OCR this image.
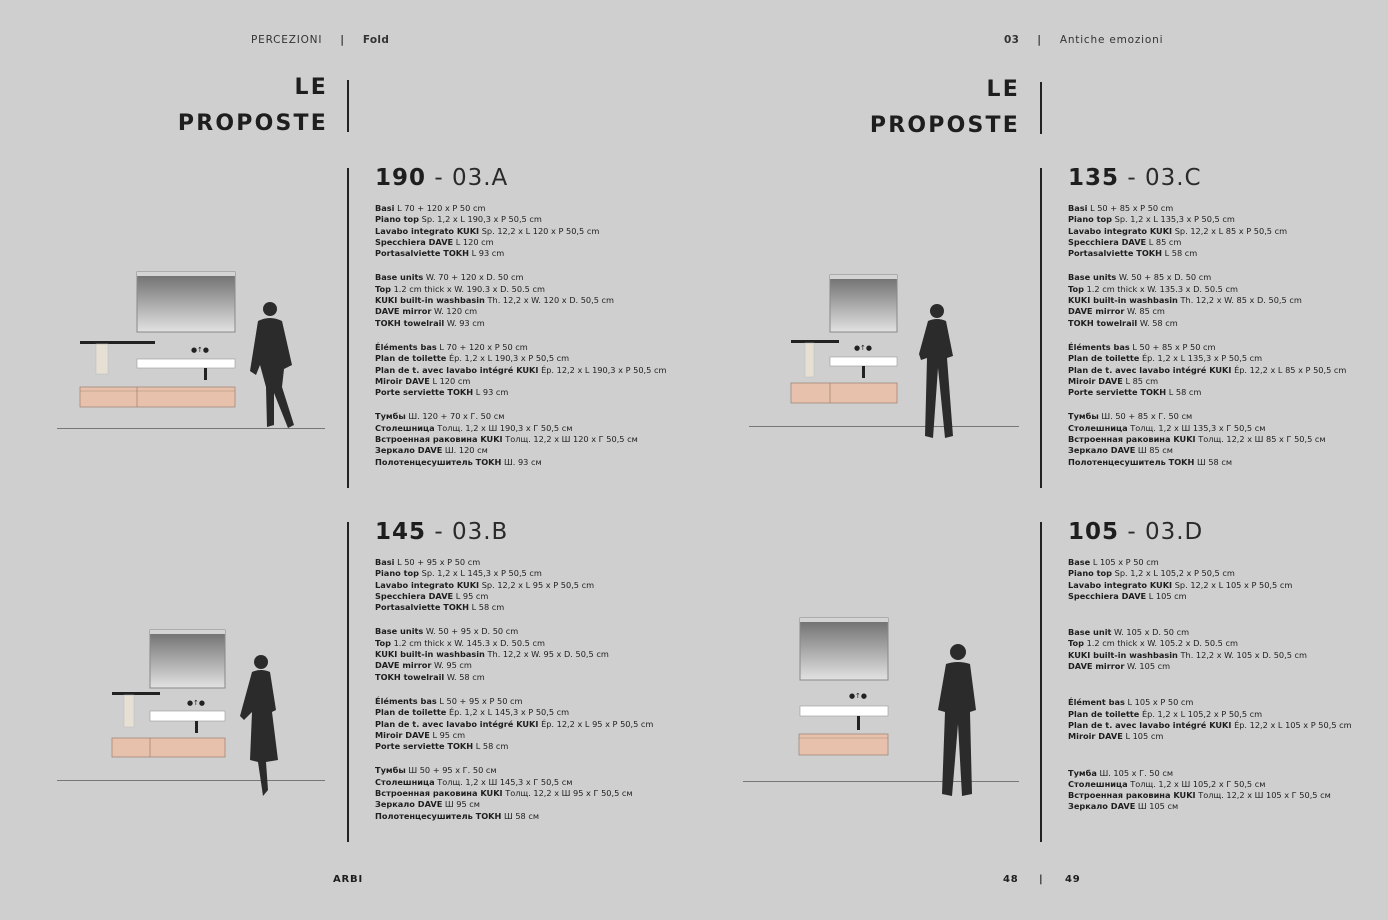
PERCEZIONI | Fold	03 | Antiche emozioni
LE
PROPOSTE
LE
PROPOSTE
●↑●
●↑●
●↑●
●↑●
190 - 03.A
Basi L 70 + 120 x P 50 cm
Piano top Sp. 1,2 x L 190,3 x P 50,5 cm
Lavabo integrato KUKI Sp. 12,2 x L 120 x P 50,5 cm
Specchiera DAVE L 120 cm
Portasalviette TOKH L 93 cm
Base units W. 70 + 120 x D. 50 cm
Top 1.2 cm thick x W. 190.3 x D. 50.5 cm
KUKI built-in washbasin Th. 12,2 x W. 120 x D. 50,5 cm
DAVE mirror W. 120 cm
TOKH towelrail W. 93 cm
Éléments bas L 70 + 120 x P 50 cm
Plan de toilette Ép. 1,2 x L 190,3 x P 50,5 cm
Plan de t. avec lavabo intégré KUKI Ép. 12,2 x L 190,3 x P 50,5 cm
Miroir DAVE L 120 cm
Porte serviette TOKH L 93 cm
Тумбы Ш. 120 + 70 x Г. 50 см
Столешница Толщ. 1,2 x Ш 190,3 x Г 50,5 см
Встроенная раковина KUKI Толщ. 12,2 x Ш 120 x Г 50,5 см
Зеркало DAVE Ш. 120 см
Полотенцесушитель TOKH Ш. 93 см
145 - 03.B
Basi L 50 + 95 x P 50 cm
Piano top Sp. 1,2 x L 145,3 x P 50,5 cm
Lavabo integrato KUKI Sp. 12,2 x L 95 x P 50,5 cm
Specchiera DAVE L 95 cm
Portasalviette TOKH L 58 cm
Base units W. 50 + 95 x D. 50 cm
Top 1.2 cm thick x W. 145.3 x D. 50.5 cm
KUKI built-in washbasin Th. 12,2 x W. 95 x D. 50,5 cm
DAVE mirror W. 95 cm
TOKH towelrail W. 58 cm
Éléments bas L 50 + 95 x P 50 cm
Plan de toilette Ép. 1,2 x L 145,3 x P 50,5 cm
Plan de t. avec lavabo intégré KUKI Ép. 12,2 x L 95 x P 50,5 cm
Miroir DAVE L 95 cm
Porte serviette TOKH L 58 cm
Тумбы Ш 50 + 95 x Г. 50 см
Столешница Толщ. 1,2 x Ш 145,3 x Г 50,5 см
Встроенная раковина KUKI Толщ. 12,2 x Ш 95 x Г 50,5 см
Зеркало DAVE Ш 95 см
Полотенцесушитель TOKH Ш 58 см
135 - 03.C
Basi L 50 + 85 x P 50 cm
Piano top Sp. 1,2 x L 135,3 x P 50,5 cm
Lavabo integrato KUKI Sp. 12,2 x L 85 x P 50,5 cm
Specchiera DAVE L 85 cm
Portasalviette TOKH L 58 cm
Base units W. 50 + 85 x D. 50 cm
Top 1.2 cm thick x W. 135.3 x D. 50.5 cm
KUKI built-in washbasin Th. 12,2 x W. 85 x D. 50,5 cm
DAVE mirror W. 85 cm
TOKH towelrail W. 58 cm
Éléments bas L 50 + 85 x P 50 cm
Plan de toilette Ép. 1,2 x L 135,3 x P 50,5 cm
Plan de t. avec lavabo intégré KUKI Ép. 12,2 x L 85 x P 50,5 cm
Miroir DAVE L 85 cm
Porte serviette TOKH L 58 cm
Тумбы Ш. 50 + 85 x Г. 50 см
Столешница Толщ. 1,2 x Ш 135,3 x Г 50,5 см
Встроенная раковина KUKI Толщ. 12,2 x Ш 85 x Г 50,5 см
Зеркало DAVE Ш 85 см
Полотенцесушитель TOKH Ш 58 см
105 - 03.D
Base L 105 x P 50 cm
Piano top Sp. 1,2 x L 105,2 x P 50,5 cm
Lavabo integrato KUKI Sp. 12,2 x L 105 x P 50,5 cm
Specchiera DAVE L 105 cm
Base unit W. 105 x D. 50 cm
Top 1.2 cm thick x W. 105.2 x D. 50.5 cm
KUKI built-in washbasin Th. 12,2 x W. 105 x D. 50,5 cm
DAVE mirror W. 105 cm
Élément bas L 105 x P 50 cm
Plan de toilette Ép. 1,2 x L 105,2 x P 50,5 cm
Plan de t. avec lavabo intégré KUKI Ép. 12,2 x L 105 x P 50,5 cm
Miroir DAVE L 105 cm
Тумба Ш. 105 x Г. 50 см
Столешница Толщ. 1,2 x Ш 105,2 x Г 50,5 см
Встроенная раковина KUKI Толщ. 12,2 x Ш 105 x Г 50,5 см
Зеркало DAVE Ш 105 см
ARBI	48 | 49
